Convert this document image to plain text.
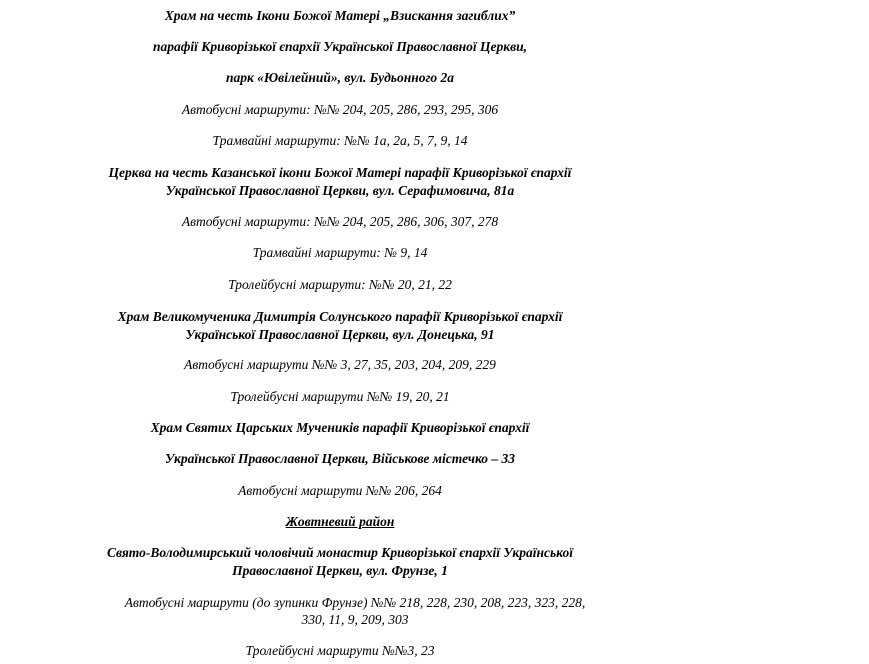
Храм на честь Ікони Божої Матері „Взискання загиблих”
парафії Криворізької єпархії Української Православної Церкви,
парк «Ювілейний», вул. Будьонного 2а
Автобусні маршрути: №№ 204, 205, 286, 293, 295, 306
Трамвайні маршрути: №№ 1а, 2а, 5, 7, 9, 14
Церква на честь Казанської ікони Божої Матері парафії Криворізької єпархії
Української Православної Церкви, вул. Серафимовича, 81а
Автобусні маршрути: №№ 204, 205, 286, 306, 307, 278
Трамвайні маршрути: № 9, 14
Тролейбусні маршрути: №№ 20, 21, 22
Храм Великомученика Димитрія Солунського парафії Криворізької єпархії
Української Православної Церкви, вул. Донецька, 91
Автобусні маршрути №№ 3, 27, 35, 203, 204, 209, 229
Тролейбусні маршрути №№ 19, 20, 21
Храм Святих Царських Мучеників парафії Криворізької єпархії
Української Православної Церкви, Військове містечко – 33
Автобусні маршрути №№ 206, 264
Жовтневий район
Свято-Володимирський чоловічий монастир Криворізької єпархії Української
Православної Церкви, вул. Фрунзе, 1
Автобусні маршрути (до зупинки Фрунзе) №№ 218, 228, 230, 208, 223, 323, 228,
330, 11, 9, 209, 303
Тролейбусні маршрути №№3, 23
